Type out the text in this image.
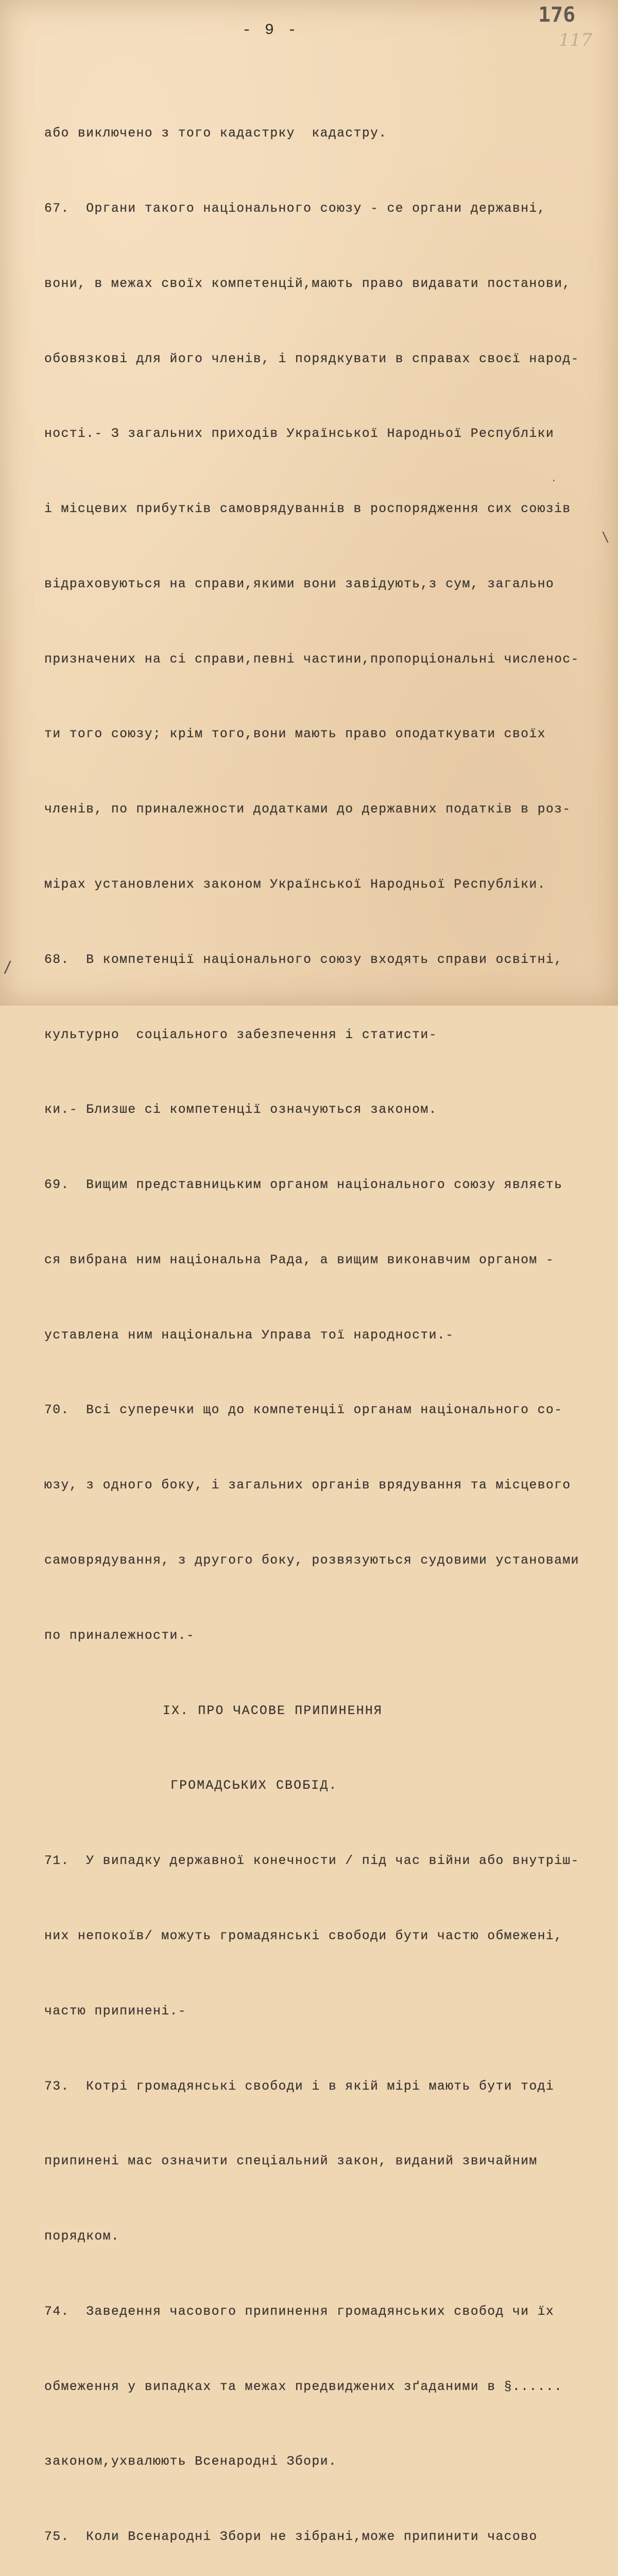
- 9 -
176
117

або виключено з того кадастрку  кадастру.

67.  Органи такого національного союзу - се органи державні,

вони, в межах своїх компетенцій,мають право видавати постанови,

обовязкові для його членів, і порядкувати в справах своєї народ-

ності.- З загальних приходів Української Народньої Республіки

і місцевих прибутків самоврядуваннів в роспорядження сих союзів

відраховуються на справи,якими вони завідують,з сум, загально

призначених на сі справи,певні частини,пропорціональні численос-

ти того союзу; крім того,вони мають право оподаткувати своїх

членів, по приналежности додатками до державних податків в роз-

мірах установлених законом Української Народньої Республіки.

68.  В компетенції національного союзу входять справи освітні,

культурно  соціального забезпечення і статисти-

ки.- Близше сі компетенції означуються законом.

69.  Вищим представницьким органом національного союзу являєть

ся вибрана ним національна Рада, а вищим виконавчим органом -

уставлена ним національна Управа тої народности.-

70.  Всі суперечки що до компетенції органам національного со-

юзу, з одного боку, і загальних органів врядування та місцевого

самоврядування, з другого боку, розвязуються судовими установами

по приналежности.-

IX. ПРО ЧАСОВЕ ПРИПИНЕННЯ

ГРОМАДСЬКИХ СВОБІД.

71.  У випадку державної конечности / під час війни або внутріш-

них непокоїв/ можуть громадянські свободи бути частю обмежені,

частю припинені.-

73.  Котрі громадянські свободи і в якій мірі мають бути тоді

припинені мас означити спеціальний закон, виданий звичайним

порядком.

74.  Заведення часового припинення громадянських свобод чи їх

обмеження у випадках та межах предвиджених зґаданими в §......

законом,ухвалюють Всенародні Збори.

75.  Коли Всенародні Збори не зібрані,може припинити часово

\
.
/
